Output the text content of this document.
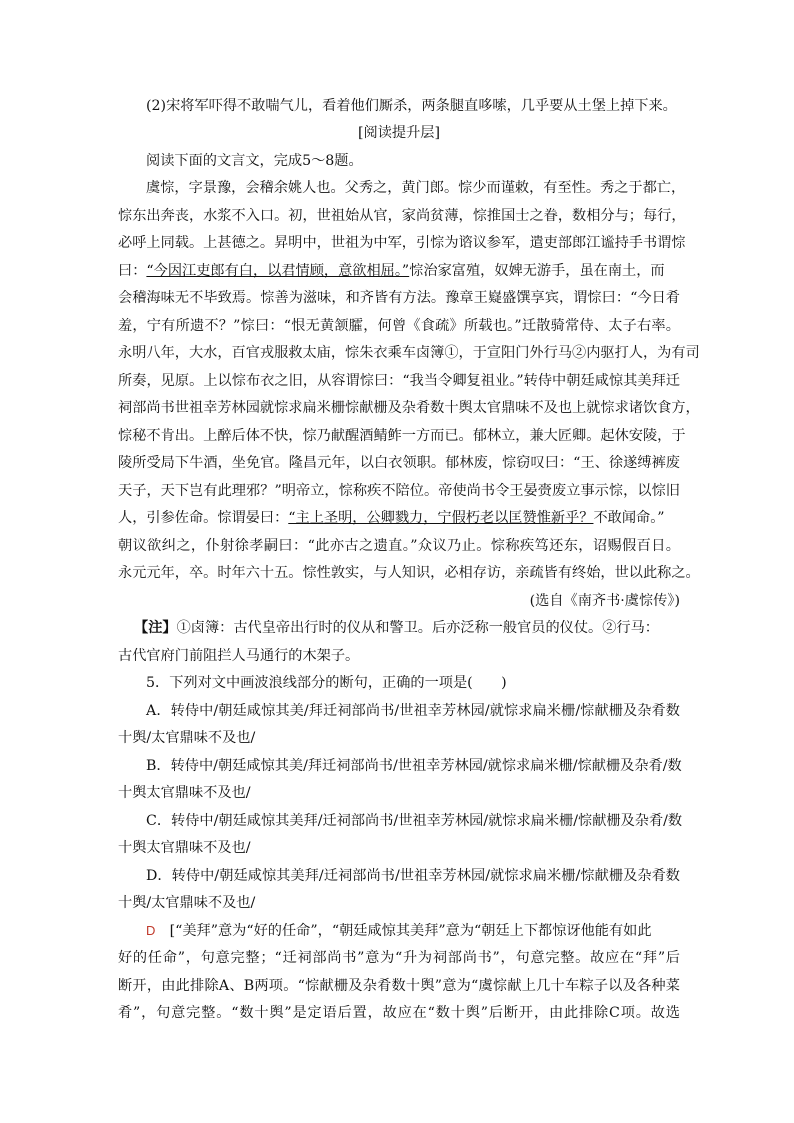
(2)宋将军吓得不敢喘气儿，看着他们厮杀，两条腿直哆嗦，几乎要从土堡上掉下来。
[阅读提升层]
阅读下面的文言文，完成5～8题。
虞悰，字景豫，会稽余姚人也。父秀之，黄门郎。悰少而谨敕，有至性。秀之于都亡，
悰东出奔丧，水浆不入口。初，世祖始从官，家尚贫薄，悰推国士之眷，数相分与；每行，
必呼上同载。上甚德之。昇明中，世祖为中军，引悰为谘议参军，遣吏部郎江谧持手书谓悰
曰：“今因江吏郎有白，以君情顾，意欲相屈。”悰治家富殖，奴婢无游手，虽在南土，而
会稽海味无不毕致焉。悰善为滋味，和齐皆有方法。豫章王嶷盛馔享宾，谓悰曰：“今日肴
羞，宁有所遗不？”悰曰：“恨无黄颔臛，何曾《食疏》所载也。”迁散骑常侍、太子右率。
永明八年，大水，百官戎服救太庙，悰朱衣乘车卤簿①，于宣阳门外行马②内驱打人，为有司
所奏，见原。上以悰布衣之旧，从容谓悰曰：“我当令卿复祖业。”转侍中朝廷咸惊其美拜迁
祠部尚书世祖幸芳林园就悰求扁米栅悰献栅及杂肴数十舆太官鼎味不及也上就悰求诸饮食方，
悰秘不肯出。上醉后体不快，悰乃献醒酒鲭鲊一方而已。郁林立，兼大匠卿。起休安陵，于
陵所受局下牛酒，坐免官。隆昌元年，以白衣领职。郁林废，悰窃叹曰：“王、徐遂缚裤废
天子，天下岂有此理邪？”明帝立，悰称疾不陪位。帝使尚书令王晏赍废立事示悰，以悰旧
人，引参佐命。悰谓晏曰：“主上圣明，公卿戮力，宁假朽老以匡赞惟新乎？不敢闻命。”
朝议欲纠之，仆射徐孝嗣曰：“此亦古之遗直。”众议乃止。悰称疾笃还东，诏赐假百日。
永元元年，卒。时年六十五。悰性敦实，与人知识，必相存访，亲疏皆有终始，世以此称之。
(选自《南齐书·虞悰传》)
【注】①卤簿：古代皇帝出行时的仪从和警卫。后亦泛称一般官员的仪仗。②行马：
古代官府门前阻拦人马通行的木架子。
5．下列对文中画波浪线部分的断句，正确的一项是(　　)
A．转侍中/朝廷咸惊其美/拜迁祠部尚书/世祖幸芳林园/就悰求扁米栅/悰献栅及杂肴数
十舆/太官鼎味不及也/
B．转侍中/朝廷咸惊其美/拜迁祠部尚书/世祖幸芳林园/就悰求扁米栅/悰献栅及杂肴/数
十舆太官鼎味不及也/
C．转侍中/朝廷咸惊其美拜/迁祠部尚书/世祖幸芳林园/就悰求扁米栅/悰献栅及杂肴/数
十舆太官鼎味不及也/
D．转侍中/朝廷咸惊其美拜/迁祠部尚书/世祖幸芳林园/就悰求扁米栅/悰献栅及杂肴数
十舆/太官鼎味不及也/
D　[“美拜”意为“好的任命”，“朝廷咸惊其美拜”意为“朝廷上下都惊讶他能有如此
好的任命”，句意完整；“迁祠部尚书”意为“升为祠部尚书”，句意完整。故应在“拜”后
断开，由此排除A、B两项。“悰献栅及杂肴数十舆”意为“虞悰献上几十车粽子以及各种菜
肴”，句意完整。“数十舆”是定语后置，故应在“数十舆”后断开，由此排除C项。故选
